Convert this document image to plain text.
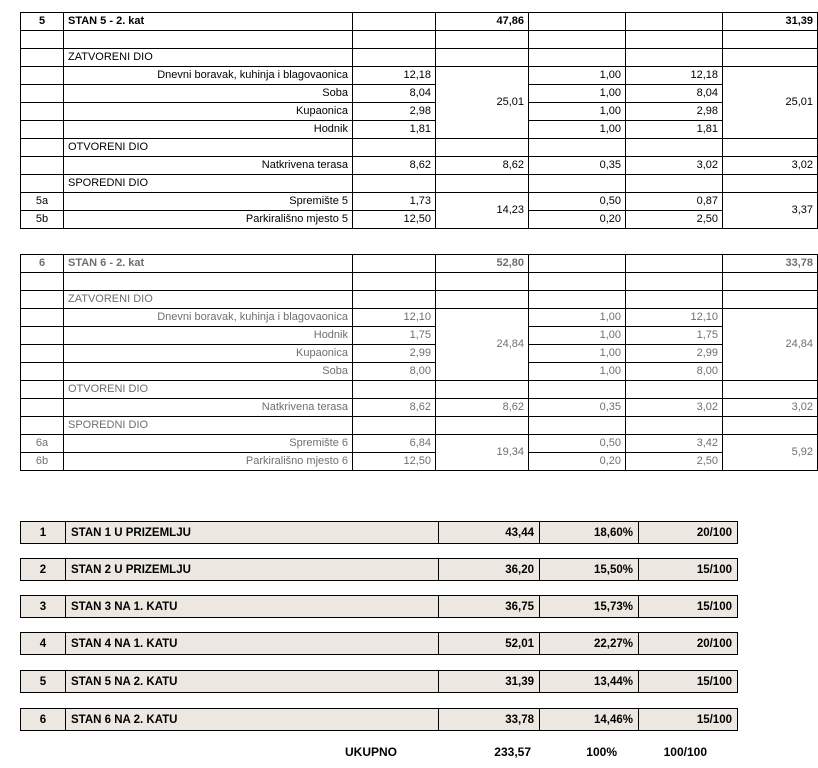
5	STAN 5 - 2. kat		47,86			31,39

	ZATVORENI DIO					
	Dnevni boravak, kuhinja i blagovaonica	12,18	25,01	1,00	12,18	25,01
	Soba	8,04		1,00	8,04	
	Kupaonica	2,98		1,00	2,98	
	Hodnik	1,81		1,00	1,81	
	OTVORENI DIO					
	Natkrivena terasa	8,62	8,62	0,35	3,02	3,02
	SPOREDNI DIO					
5a	Spremište 5	1,73	14,23	0,50	0,87	3,37
5b	Parkirališno mjesto 5	12,50		0,20	2,50	
6	STAN 6 - 2. kat		52,80			33,78

	ZATVORENI DIO					
	Dnevni boravak, kuhinja i blagovaonica	12,10	24,84	1,00	12,10	24,84
	Hodnik	1,75		1,00	1,75	
	Kupaonica	2,99		1,00	2,99	
	Soba	8,00		1,00	8,00	
	OTVORENI DIO					
	Natkrivena terasa	8,62	8,62	0,35	3,02	3,02
	SPOREDNI DIO					
6a	Spremište 6	6,84	19,34	0,50	3,42	5,92
6b	Parkirališno mjesto 6	12,50		0,20	2,50	
1	STAN 1 U PRIZEMLJU	43,44	18,60%	20/100
2	STAN 2 U PRIZEMLJU	36,20	15,50%	15/100
3	STAN 3 NA 1. KATU	36,75	15,73%	15/100
4	STAN 4 NA 1. KATU	52,01	22,27%	20/100
5	STAN 5 NA 2. KATU	31,39	13,44%	15/100
6	STAN 6 NA 2. KATU	33,78	14,46%	15/100
UKUPNO	233,57	100%	100/100
